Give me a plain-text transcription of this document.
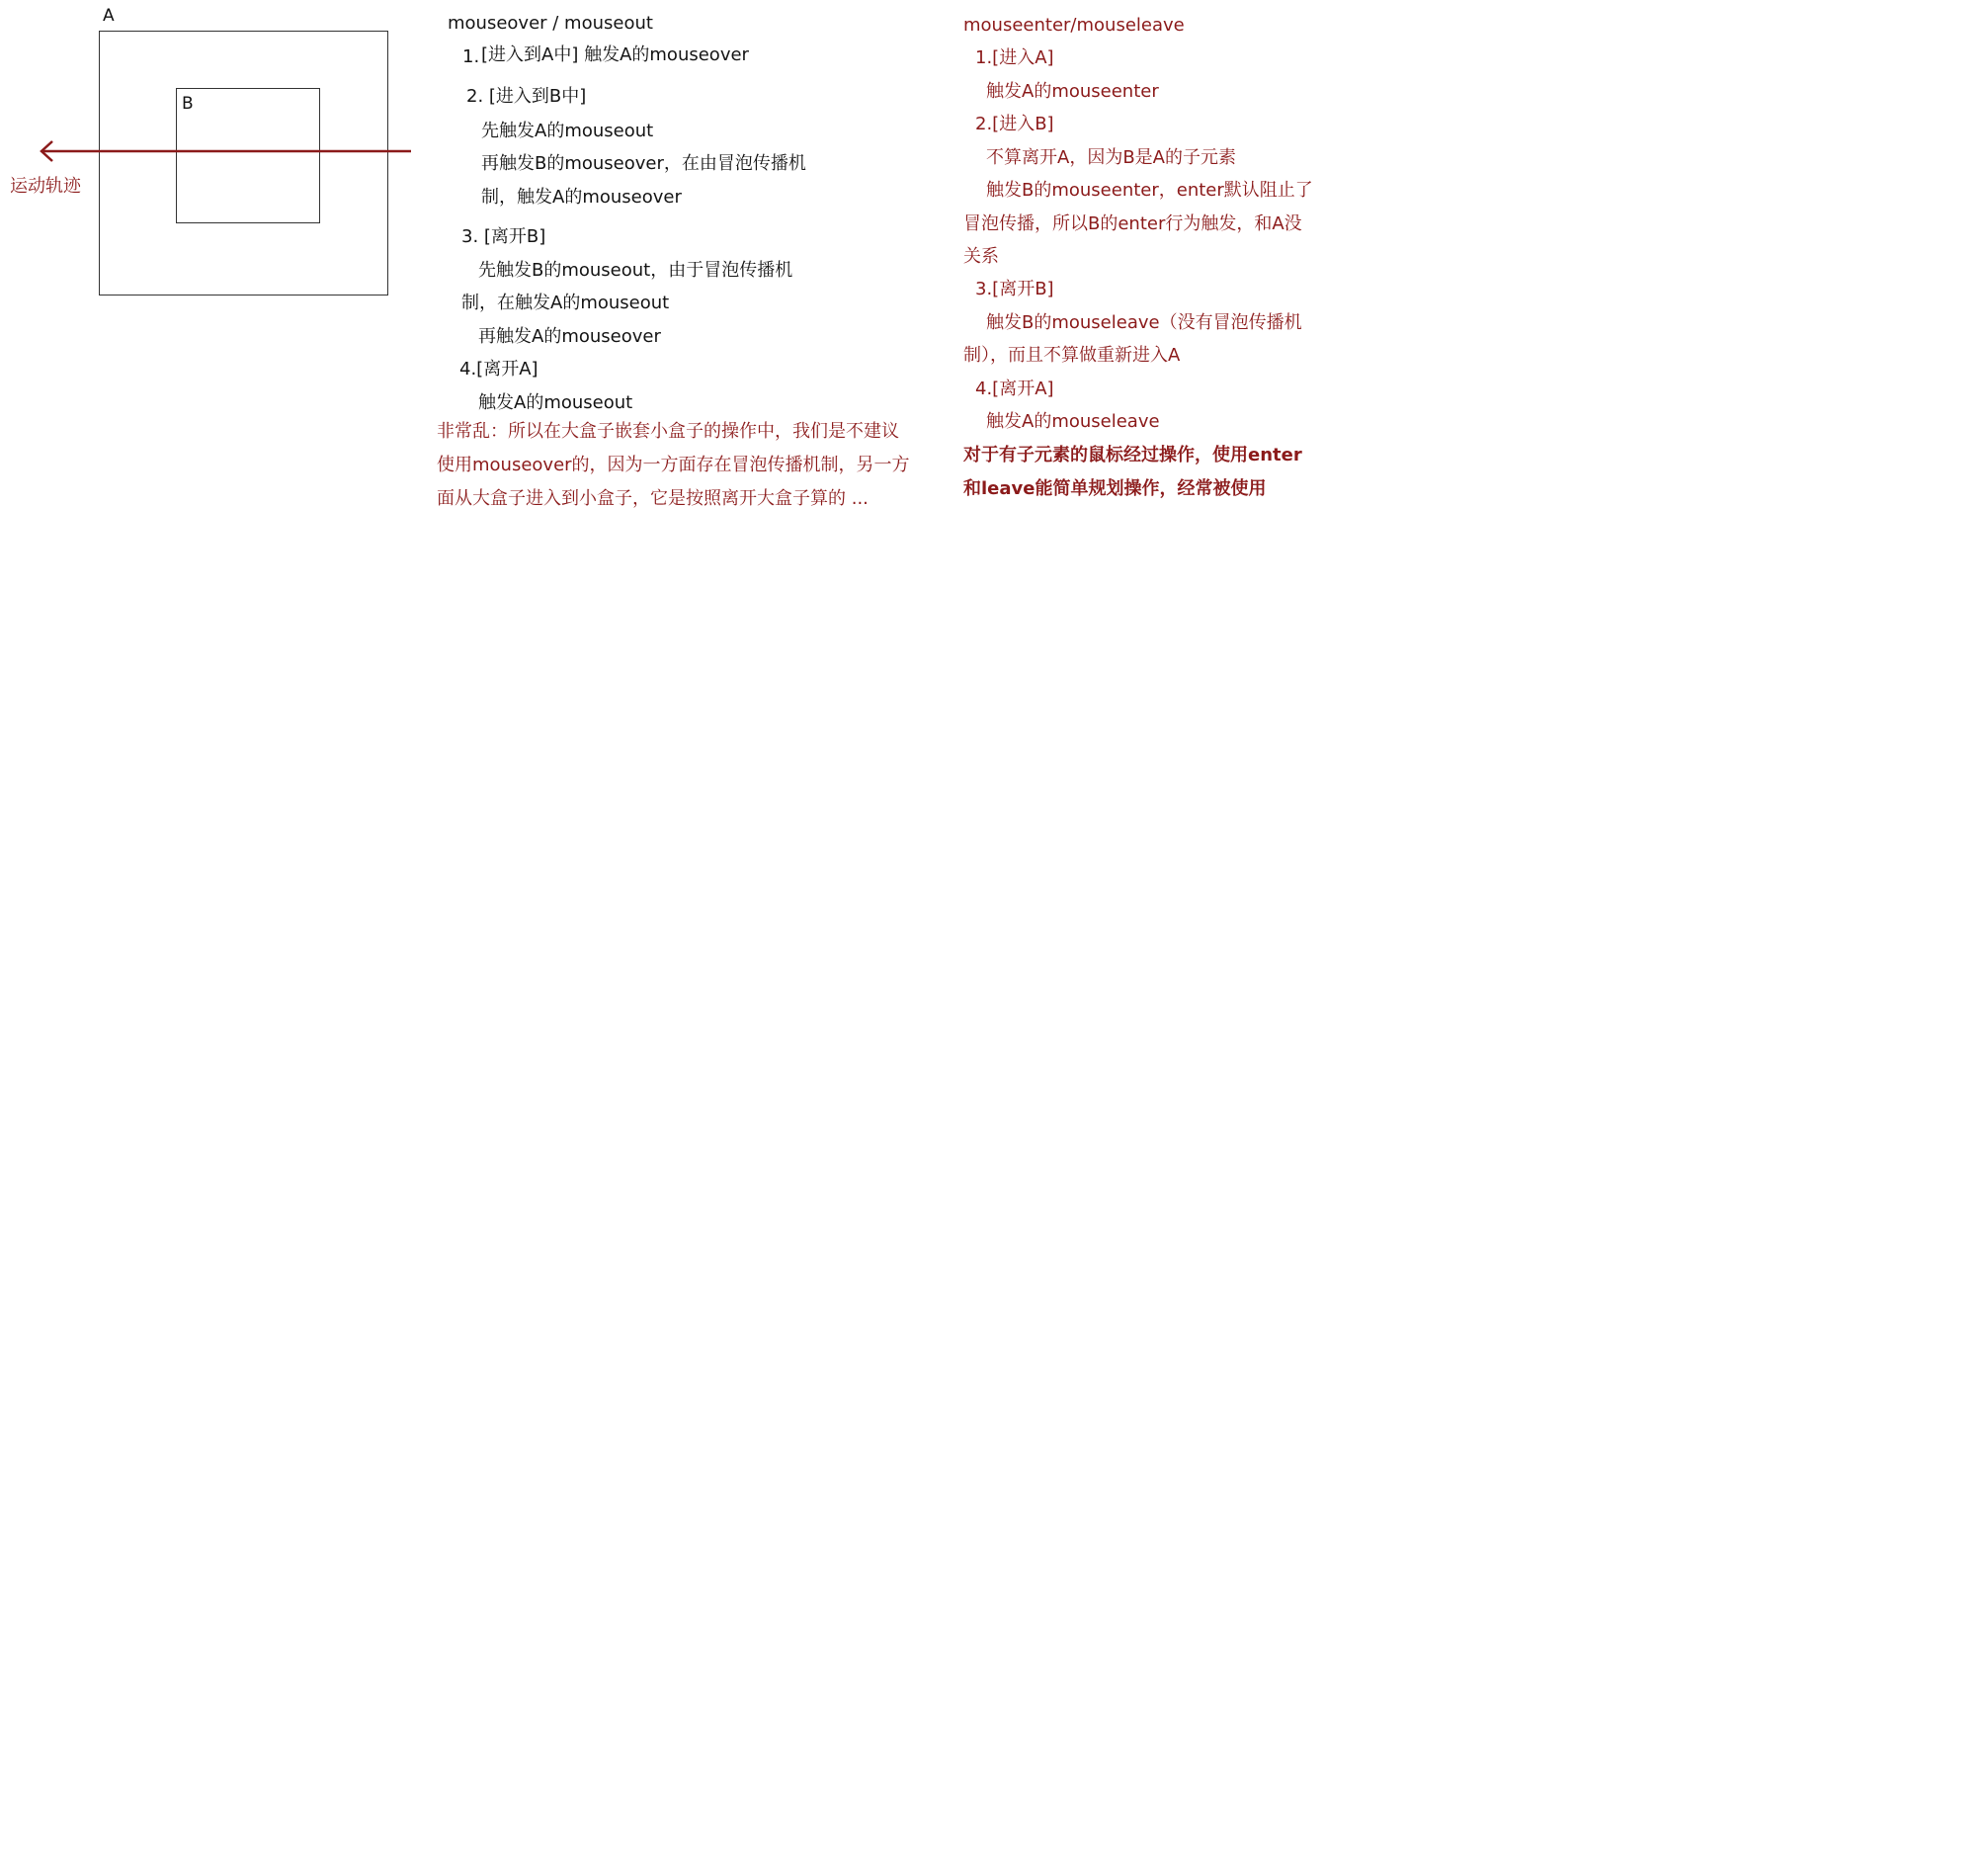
A
B
运动轨迹
mouseover / mouseout
1. [进入到A中] 触发A的mouseover
2. [进入到B中]
先触发A的mouseout
再触发B的mouseover，在由冒泡传播机
制，触发A的mouseover
3. [离开B]
先触发B的mouseout，由于冒泡传播机
制，在触发A的mouseout
再触发A的mouseover
4.[离开A]
触发A的mouseout
非常乱：所以在大盒子嵌套小盒子的操作中，我们是不建议
使用mouseover的，因为一方面存在冒泡传播机制，另一方
面从大盒子进入到小盒子，它是按照离开大盒子算的 ...
mouseenter/mouseleave
1.[进入A]
触发A的mouseenter
2.[进入B]
不算离开A，因为B是A的子元素
触发B的mouseenter，enter默认阻止了
冒泡传播，所以B的enter行为触发，和A没
关系
3.[离开B]
触发B的mouseleave（没有冒泡传播机
制），而且不算做重新进入A
4.[离开A]
触发A的mouseleave
对于有子元素的鼠标经过操作，使用enter
和leave能简单规划操作，经常被使用
